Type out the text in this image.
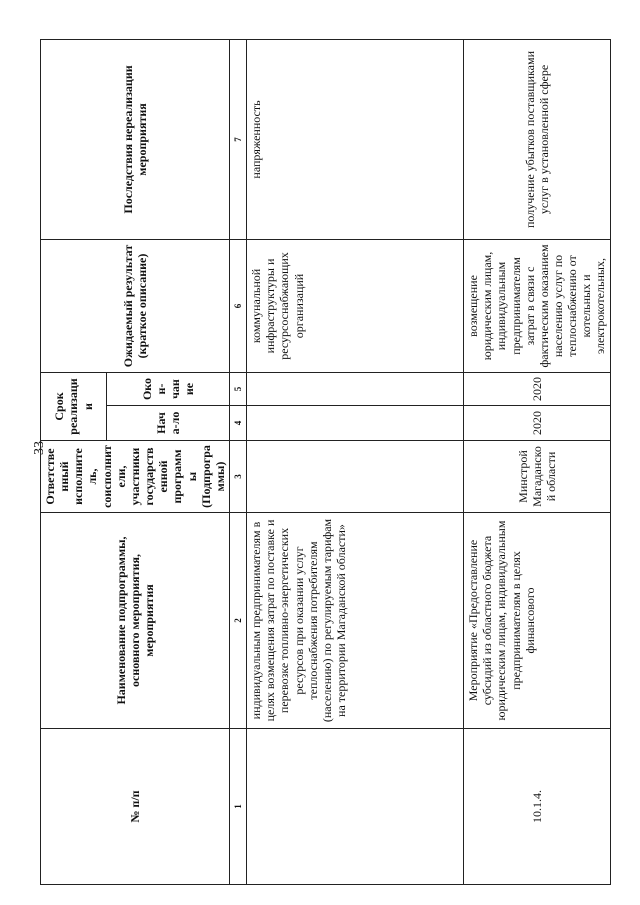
33
№ п/п	Наименование подпрограммы, основного мероприятия, мероприятия	Ответственный исполнитель, соисполнители, участники государственной программы (Подпрограммы)	Срок реализации		Ожидаемый результат (краткое описание)	Последствия нереализации мероприятия
			Нача-ло	Окон-чание		
1	2	3	4	5	6	7
	индивидуальным предпринимателям в целях возмещения затрат по поставке и перевозке топливно-энергетических ресурсов при оказании услуг теплоснабжения потребителям (населению) по регулируемым тарифам на территории Магаданской области»				коммунальной инфраструктуры и ресурсоснабжающих организаций	напряженность
10.1.4.	Мероприятие «Предоставление субсидий из областного бюджета юридическим лицам, индивидуальным предпринимателям в целях финансового	Минстрой Магаданской области	2020	2020	возмещение юридическим лицам, индивидуальным предпринимателям затрат в связи с фактическим оказанием населению услуг по теплоснабжению от котельных и электрокотельных,	получение убытков поставщиками услуг в установленной сфере
